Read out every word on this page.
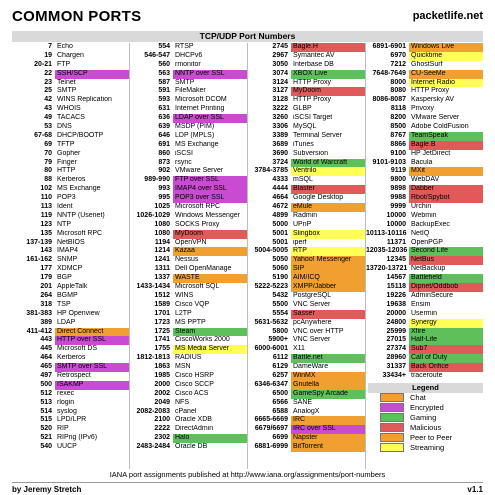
COMMON PORTS	packetlife.net
TCP/UDP Port Numbers
7 Echo
19 Chargen
20-21 FTP
22 SSH/SCP
23 Telnet
25 SMTP
42 WINS Replication
43 WHOIS
49 TACACS
53 DNS
67-68 DHCP/BOOTP
69 TFTP
70 Gopher
79 Finger
80 HTTP
88 Kerberos
102 MS Exchange
110 POP3
113 Ident
119 NNTP (Usenet)
123 NTP
135 Microsoft RPC
137-139 NetBIOS
143 IMAP4
161-162 SNMP
177 XDMCP
179 BGP
201 AppleTalk
264 BGMP
318 TSP
381-383 HP Openview
389 LDAP
411-412 Direct Connect
443 HTTP over SSL
445 Microsoft DS
464 Kerberos
465 SMTP over SSL
497 Retrospect
500 ISAKMP
512 rexec
513 rlogin
514 syslog
515 LPD/LPR
520 RIP
521 RIPng (IPv6)
540 UUCP
554 RTSP
546-547 DHCPv6
560 rmonitor
563 NNTP over SSL
587 SMTP
591 FileMaker
593 Microsoft DCOM
631 Internet Printing
636 LDAP over SSL
639 MSDP (PIM)
646 LDP (MPLS)
691 MS Exchange
860 iSCSI
873 rsync
902 VMware Server
989-990 FTP over SSL
993 IMAP4 over SSL
995 POP3 over SSL
1025 Microsoft RPC
1026-1029 Windows Messenger
1080 SOCKS Proxy
1080 MyDoom
1194 OpenVPN
1214 Kazaa
1241 Nessus
1311 Dell OpenManage
1337 WASTE
1433-1434 Microsoft SQL
1512 WINS
1589 Cisco VQP
1701 L2TP
1723 MS PPTP
1725 Steam
1741 CiscoWorks 2000
1755 MS Media Server
1812-1813 RADIUS
1863 MSN
1985 Cisco HSRP
2000 Cisco SCCP
2002 Cisco ACS
2049 NFS
2082-2083 cPanel
2100 Oracle XDB
2222 DirectAdmin
2302 Halo
2483-2484 Oracle DB
2745 Bagle.H
2967 Symantec AV
3050 Interbase DB
3074 XBOX Live
3124 HTTP Proxy
3127 MyDoom
3128 HTTP Proxy
3222 GLBP
3260 iSCSI Target
3306 MySQL
3389 Terminal Server
3689 iTunes
3690 Subversion
3724 World of Warcraft
3784-3785 Ventrilo
4333 mSQL
4444 Blaster
4664 Google Desktop
4672 eMule
4899 Radmin
5000 UPnP
5001 Slingbox
5001 iperf
5004-5005 RTP
5050 Yahoo! Messenger
5060 SIP
5190 AIM/ICQ
5222-5223 XMPP/Jabber
5432 PostgreSQL
5500 VNC Server
5554 Sasser
5631-5632 pcAnywhere
5800 VNC over HTTP
5900+ VNC Server
6000-6001 X11
6112 Battle.net
6129 DameWare
6257 WinMX
6346-6347 Gnutella
6500 GameSpy Arcade
6566 SANE
6588 AnalogX
6665-6669 IRC
6679/6697 IRC over SSL
6699 Napster
6881-6999 BitTorrent
6891-6901 Windows Live
6970 Quicktime
7212 GhostSurf
7648-7649 CU-SeeMe
8000 Internet Radio
8080 HTTP Proxy
8086-8087 Kaspersky AV
8118 Privoxy
8200 VMware Server
8500 Adobe ColdFusion
8767 TeamSpeak
8866 Bagle.B
9100 HP JetDirect
9101-9103 Bacula
9119 MXit
9800 WebDAV
9898 Dabber
9988 Rbot/Spybot
9999 Urchin
10000 Webmin
10000 BackupExec
10113-10116 NetIQ
11371 OpenPGP
12035-12036 Second Life
12345 NetBus
13720-13721 NetBackup
14567 Battlefield
15118 Dipnet/Oddbob
19226 AdminSecure
19638 Ensim
20000 Usermin
24800 Synergy
25999 Xfire
27015 Half-Life
27374 Sub7
28960 Call of Duty
31337 Back Orifice
33434+ traceroute
Legend
Chat
Encrypted
Gaming
Malicious
Peer to Peer
Streaming
IANA port assignments published at http://www.iana.org/assignments/port-numbers
by Jeremy Stretch	v1.1
